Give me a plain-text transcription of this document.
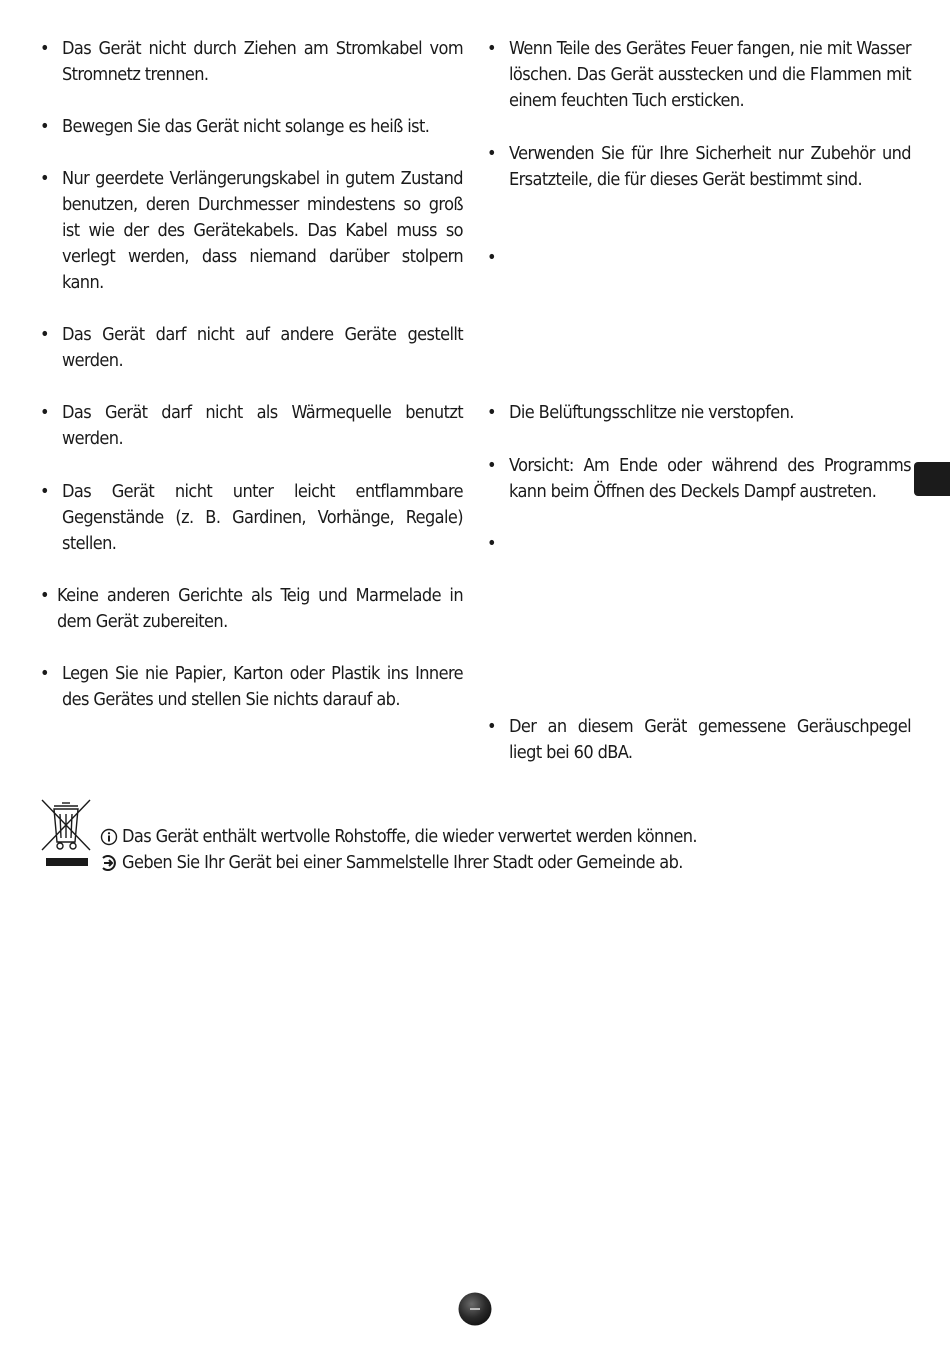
• Das Gerät nicht durch Ziehen am Stromkabel vom Stromnetz trennen.
• Bewegen Sie das Gerät nicht solange es heiß ist.
• Nur geerdete Verlängerungskabel in gutem Zustand benutzen, deren Durchmesser mindestens so groß ist wie der des Gerätekabels. Das Kabel muss so verlegt werden, dass niemand darüber stolpern kann.
• Das Gerät darf nicht auf andere Geräte gestellt werden.
• Das Gerät darf nicht als Wärmequelle benutzt werden.
• Das Gerät nicht unter leicht entflammbare Gegenstände (z. B. Gardinen, Vorhänge, Regale) stellen.
• Keine anderen Gerichte als Teig und Marmelade in dem Gerät zubereiten.
• Legen Sie nie Papier, Karton oder Plastik ins Innere des Gerätes und stellen Sie nichts darauf ab.
• Wenn Teile des Gerätes Feuer fangen, nie mit Wasser löschen. Das Gerät ausstecken und die Flammen mit einem feuchten Tuch ersticken.
• Verwenden Sie für Ihre Sicherheit nur Zubehör und Ersatzteile, die für dieses Gerät bestimmt sind.
•
• Die Belüftungsschlitze nie verstopfen.
• Vorsicht: Am Ende oder während des Programms kann beim Öffnen des Deckels Dampf austreten.
•
• Der an diesem Gerät gemessene Geräuschpegel liegt bei 60 dBA.
Das Gerät enthält wertvolle Rohstoffe, die wieder verwertet werden können.
Geben Sie Ihr Gerät bei einer Sammelstelle Ihrer Stadt oder Gemeinde ab.
